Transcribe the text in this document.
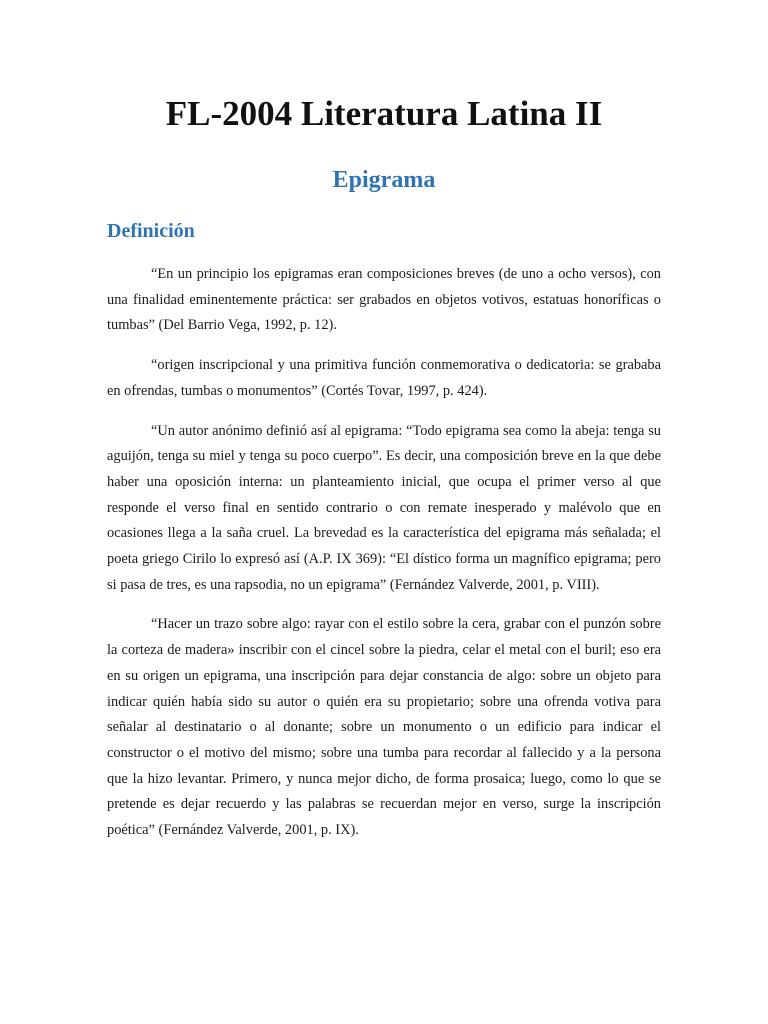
FL-2004 Literatura Latina II
Epigrama
Definición

“En un principio los epigramas eran composiciones breves (de uno a ocho versos), con una finalidad eminentemente práctica: ser grabados en objetos votivos, estatuas honoríficas o tumbas” (Del Barrio Vega, 1992, p. 12).

“origen inscripcional y una primitiva función conmemorativa o dedicatoria: se grababa en ofrendas, tumbas o monumentos” (Cortés Tovar, 1997, p. 424).

“Un autor anónimo definió así al epigrama: “Todo epigrama sea como la abeja: tenga su aguijón, tenga su miel y tenga su poco cuerpo”. Es decir, una composición breve en la que debe haber una oposición interna: un planteamiento inicial, que ocupa el primer verso al que responde el verso final en sentido contrario o con remate inesperado y malévolo que en ocasiones llega a la saña cruel. La brevedad es la característica del epigrama más señalada; el poeta griego Cirilo lo expresó así (A.P. IX 369): “El dístico forma un magnífico epigrama; pero si pasa de tres, es una rapsodia, no un epigrama” (Fernández Valverde, 2001, p. VIII).

“Hacer un trazo sobre algo: rayar con el estilo sobre la cera, grabar con el punzón sobre la corteza de madera» inscribir con el cincel sobre la piedra, celar el metal con el buril; eso era en su origen un epigrama, una inscripción para dejar constancia de algo: sobre un objeto para indicar quién había sido su autor o quién era su propietario; sobre una ofrenda votiva para señalar al destinatario o al donante; sobre un monumento o un edificio para indicar el constructor o el motivo del mismo; sobre una tumba para recordar al fallecido y a la persona que la hizo levantar. Primero, y nunca mejor dicho, de forma prosaica; luego, como lo que se pretende es dejar recuerdo y las palabras se recuerdan mejor en verso, surge la inscripción poética” (Fernández Valverde, 2001, p. IX).
